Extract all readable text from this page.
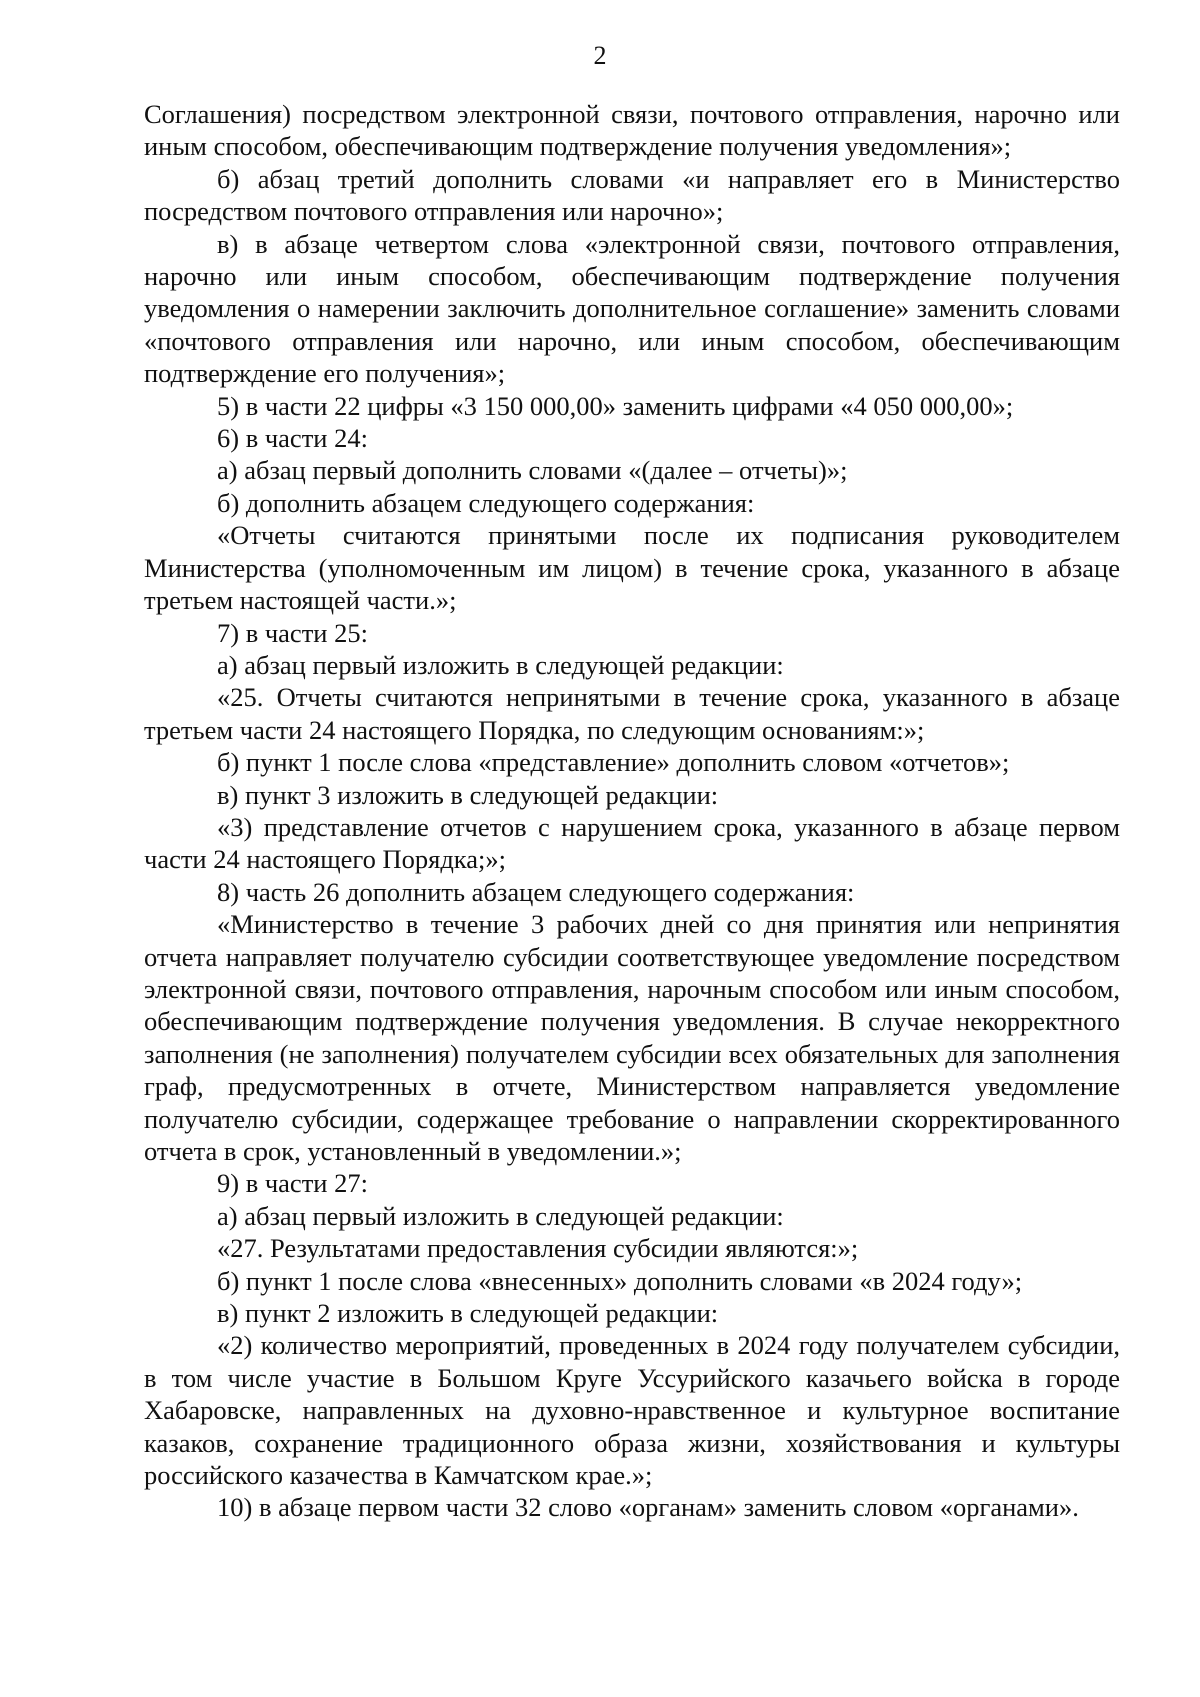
2

Соглашения) посредством электронной связи, почтового отправления, нарочно или иным способом, обеспечивающим подтверждение получения уведомления»;

б) абзац третий дополнить словами «и направляет его в Министерство посредством почтового отправления или нарочно»;

в) в абзаце четвертом слова «электронной связи, почтового отправления, нарочно или иным способом, обеспечивающим подтверждение получения уведомления о намерении заключить дополнительное соглашение» заменить словами «почтового отправления или нарочно, или иным способом, обеспечивающим подтверждение его получения»;

5) в части 22 цифры «3 150 000,00» заменить цифрами «4 050 000,00»;

6) в части 24:

а) абзац первый дополнить словами «(далее – отчеты)»;

б) дополнить абзацем следующего содержания:

«Отчеты считаются принятыми после их подписания руководителем Министерства (уполномоченным им лицом) в течение срока, указанного в абзаце третьем настоящей части.»;

7) в части 25:

а) абзац первый изложить в следующей редакции:

«25. Отчеты считаются непринятыми в течение срока, указанного в абзаце третьем части 24 настоящего Порядка, по следующим основаниям:»;

б) пункт 1 после слова «представление» дополнить словом «отчетов»;

в) пункт 3 изложить в следующей редакции:

«3) представление отчетов с нарушением срока, указанного в абзаце первом части 24 настоящего Порядка;»;

8) часть 26 дополнить абзацем следующего содержания:

«Министерство в течение 3 рабочих дней со дня принятия или непринятия отчета направляет получателю субсидии соответствующее уведомление посредством электронной связи, почтового отправления, нарочным способом или иным способом, обеспечивающим подтверждение получения уведомления. В случае некорректного заполнения (не заполнения) получателем субсидии всех обязательных для заполнения граф, предусмотренных в отчете, Министерством направляется уведомление получателю субсидии, содержащее требование о направлении скорректированного отчета в срок, установленный в уведомлении.»;

9) в части 27:

а) абзац первый изложить в следующей редакции:

«27. Результатами предоставления субсидии являются:»;

б) пункт 1 после слова «внесенных» дополнить словами «в 2024 году»;

в) пункт 2 изложить в следующей редакции:

«2) количество мероприятий, проведенных в 2024 году получателем субсидии, в том числе участие в Большом Круге Уссурийского казачьего войска в городе Хабаровске, направленных на духовно-нравственное и культурное воспитание казаков, сохранение традиционного образа жизни, хозяйствования и культуры российского казачества в Камчатском крае.»;

10) в абзаце первом части 32 слово «органам» заменить словом «органами».
